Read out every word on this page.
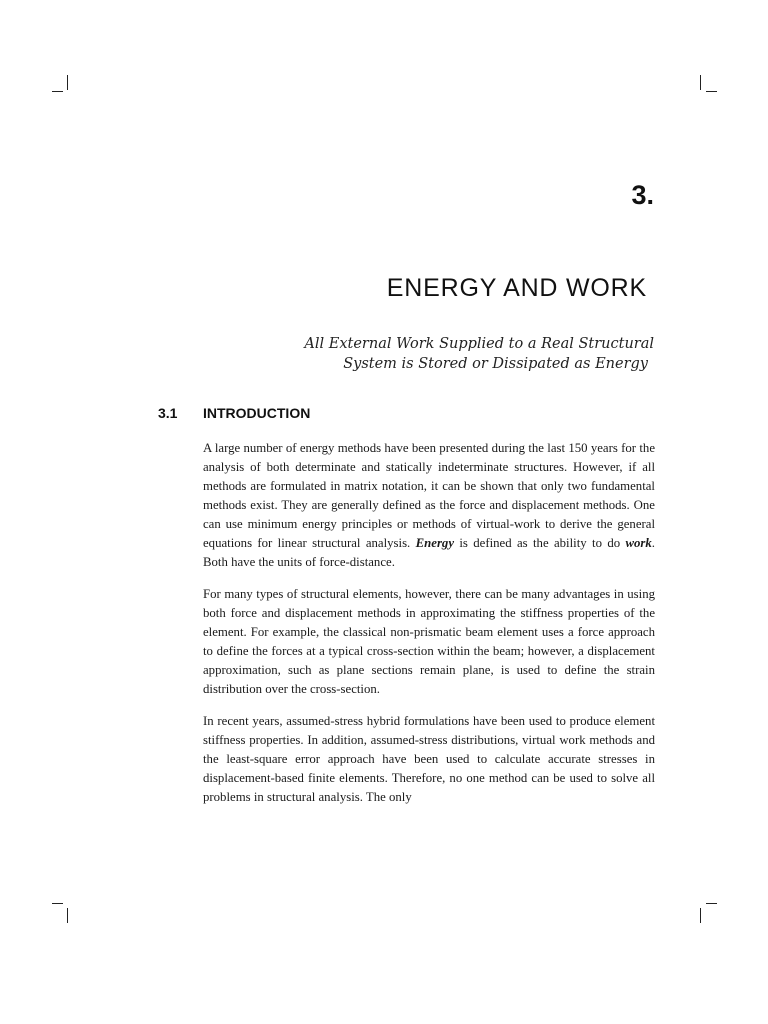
3.
ENERGY AND WORK
All External Work Supplied to a Real Structural

System is Stored or Dissipated as Energy
3.1 INTRODUCTION

A large number of energy methods have been presented during the last 150 years for the analysis of both determinate and statically indeterminate structures. However, if all methods are formulated in matrix notation, it can be shown that only two fundamental methods exist. They are generally defined as the force and displacement methods. One can use minimum energy principles or methods of virtual-work to derive the general equations for linear structural analysis. Energy is defined as the ability to do work. Both have the units of force-distance.

For many types of structural elements, however, there can be many advantages in using both force and displacement methods in approximating the stiffness properties of the element. For example, the classical non-prismatic beam element uses a force approach to define the forces at a typical cross-section within the beam; however, a displacement approximation, such as plane sections remain plane, is used to define the strain distribution over the cross-section.

In recent years, assumed-stress hybrid formulations have been used to produce element stiffness properties. In addition, assumed-stress distributions, virtual work methods and the least-square error approach have been used to calculate accurate stresses in displacement-based finite elements. Therefore, no one method can be used to solve all problems in structural analysis. The only
